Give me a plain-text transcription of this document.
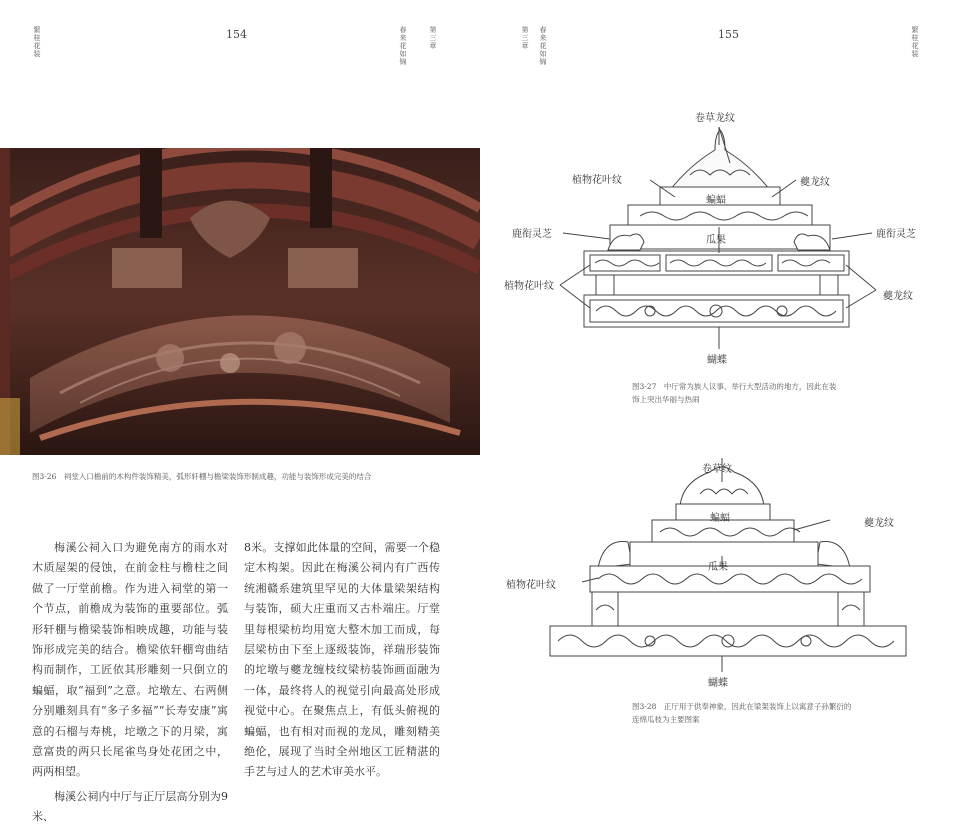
繁桂花装	154	春来花如锦	第三章
图3-26　祠堂入口檐前的木构件装饰精美，弧形轩棚与檐梁装饰形制成趣，功能与装饰形成完美的结合

梅溪公祠入口为避免南方的雨水对木质屋架的侵蚀，在前金柱与檐柱之间做了一厅堂前檐。作为进入祠堂的第一个节点，前檐成为装饰的重要部位。弧形轩棚与檐梁装饰相映成趣，功能与装饰形成完美的结合。檐梁依轩棚弯曲结构而制作，工匠依其形雕刻一只倒立的蝙蝠，取“福到”之意。坨墩左、右两侧分别雕刻具有“多子多福”“长寿安康”寓意的石榴与寿桃，坨墩之下的月梁，寓意富贵的两只长尾雀鸟身处花团之中，两两相望。

梅溪公祠内中厅与正厅层高分别为9米、

8米。支撑如此体量的空间，需要一个稳定木构架。因此在梅溪公祠内有广西传统湘赣系建筑里罕见的大体量梁架结构与装饰，硕大庄重而又古朴端庄。厅堂里每根梁枋均用宽大整木加工而成，每层梁枋由下至上逐级装饰，祥瑞形装饰的坨墩与夔龙缠枝纹梁枋装饰画面融为一体，最终将人的视觉引向最高处形成视觉中心。在聚焦点上，有低头俯视的蝙蝠，也有相对而视的龙凤，雕刻精美绝伦，展现了当时全州地区工匠精湛的手艺与过人的艺术审美水平。

第三章 春来花如锦	155	繁桂花装
卷草龙纹
植物花叶纹	夔龙纹
蝙蝠
鹿衔灵芝	鹿衔灵芝
瓜果
植物花叶纹
夔龙纹
蝴蝶
图3-27　中厅常为族人议事、举行大型活动的地方，因此在装饰上突出华丽与热闹
卷草纹
蝙蝠	夔龙纹
植物花叶纹
瓜果
蝴蝶
图3-28　正厅用于供奉神象，因此在梁架装饰上以寓意子孙繁衍的连绵瓜枝为主要图案
